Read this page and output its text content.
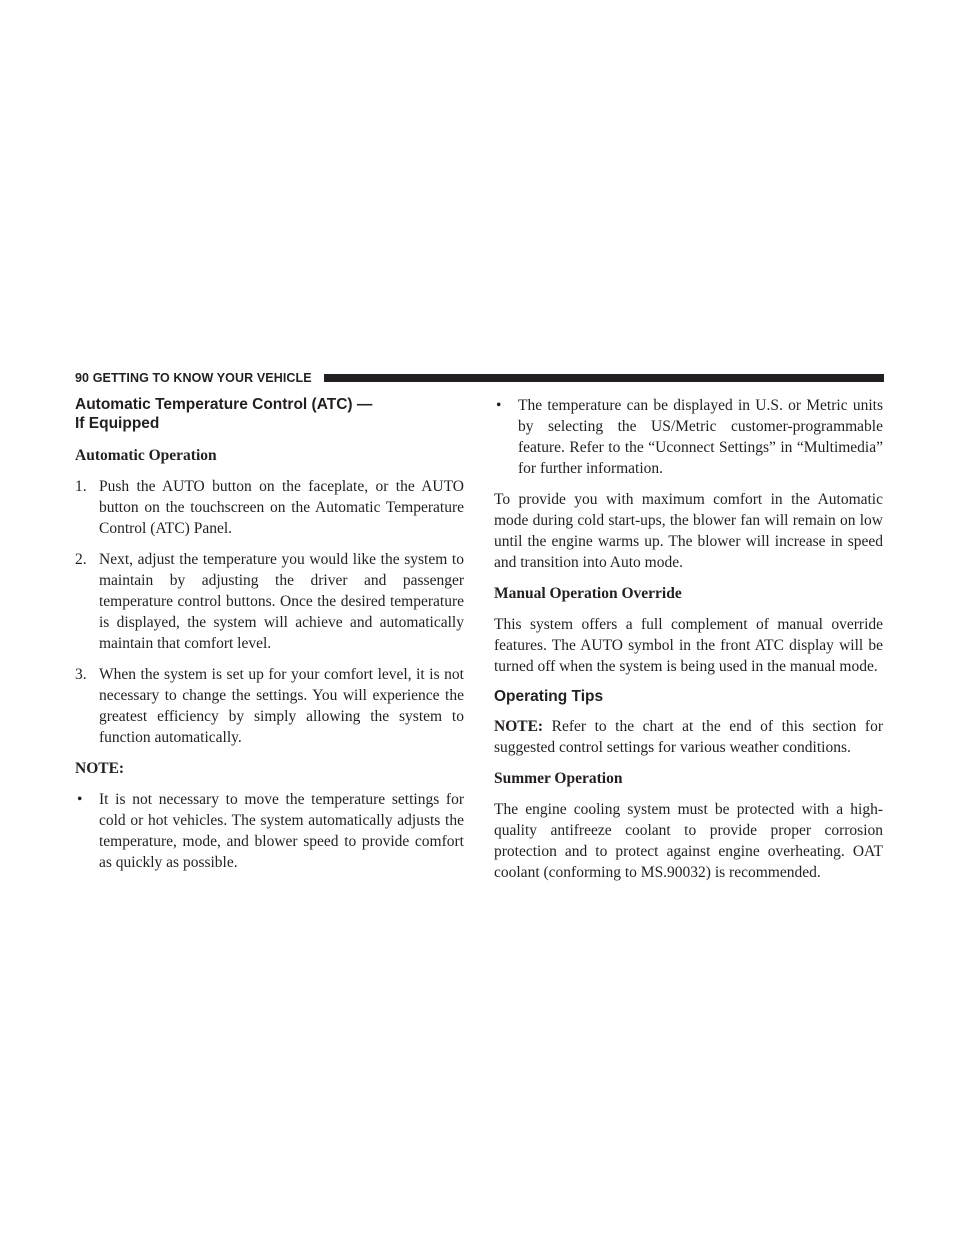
90 GETTING TO KNOW YOUR VEHICLE
Automatic Temperature Control (ATC) —
If Equipped
Automatic Operation
1. Push the AUTO button on the faceplate, or the AUTO button on the touchscreen on the Automatic Temperature Control (ATC) Panel.
2. Next, adjust the temperature you would like the system to maintain by adjusting the driver and passenger temperature control buttons. Once the desired temperature is displayed, the system will achieve and automatically maintain that comfort level.
3. When the system is set up for your comfort level, it is not necessary to change the settings. You will experience the greatest efficiency by simply allowing the system to function automatically.
NOTE:
• It is not necessary to move the temperature settings for cold or hot vehicles. The system automatically adjusts the temperature, mode, and blower speed to provide comfort as quickly as possible.
• The temperature can be displayed in U.S. or Metric units by selecting the US/Metric customer-programmable feature. Refer to the “Uconnect Settings” in “Multimedia” for further information.

To provide you with maximum comfort in the Automatic mode during cold start-ups, the blower fan will remain on low until the engine warms up. The blower will increase in speed and transition into Auto mode.

Manual Operation Override

This system offers a full complement of manual override features. The AUTO symbol in the front ATC display will be turned off when the system is being used in the manual mode.

Operating Tips

NOTE: Refer to the chart at the end of this section for suggested control settings for various weather conditions.

Summer Operation

The engine cooling system must be protected with a high-quality antifreeze coolant to provide proper corrosion protection and to protect against engine overheating. OAT coolant (conforming to MS.90032) is recommended.
